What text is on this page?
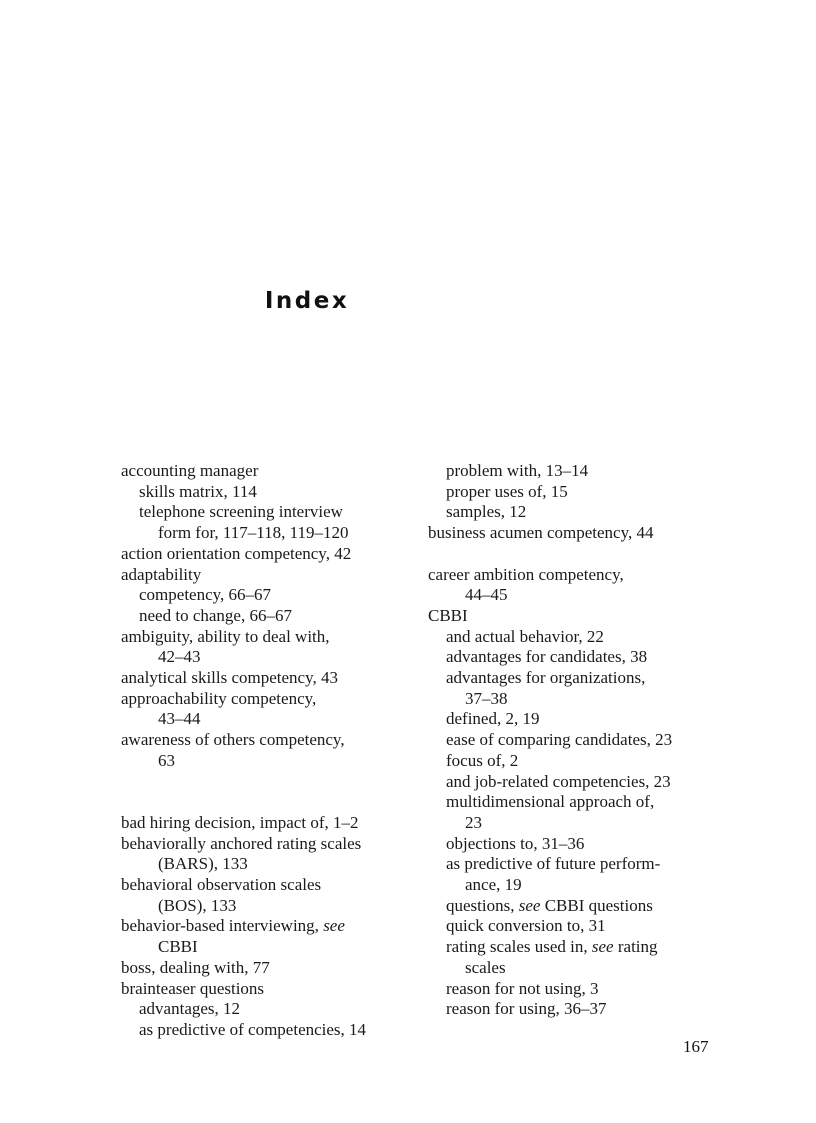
Index
accounting manager
skills matrix, 114
telephone screening interview
form for, 117–118, 119–120
action orientation competency, 42
adaptability
competency, 66–67
need to change, 66–67
ambiguity, ability to deal with,
42–43
analytical skills competency, 43
approachability competency,
43–44
awareness of others competency,
63
bad hiring decision, impact of, 1–2
behaviorally anchored rating scales
(BARS), 133
behavioral observation scales
(BOS), 133
behavior-based interviewing, see
CBBI
boss, dealing with, 77
brainteaser questions
advantages, 12
as predictive of competencies, 14
problem with, 13–14
proper uses of, 15
samples, 12
business acumen competency, 44
career ambition competency,
44–45
CBBI
and actual behavior, 22
advantages for candidates, 38
advantages for organizations,
37–38
defined, 2, 19
ease of comparing candidates, 23
focus of, 2
and job-related competencies, 23
multidimensional approach of,
23
objections to, 31–36
as predictive of future perform-
ance, 19
questions, see CBBI questions
quick conversion to, 31
rating scales used in, see rating
scales
reason for not using, 3
reason for using, 36–37
167
